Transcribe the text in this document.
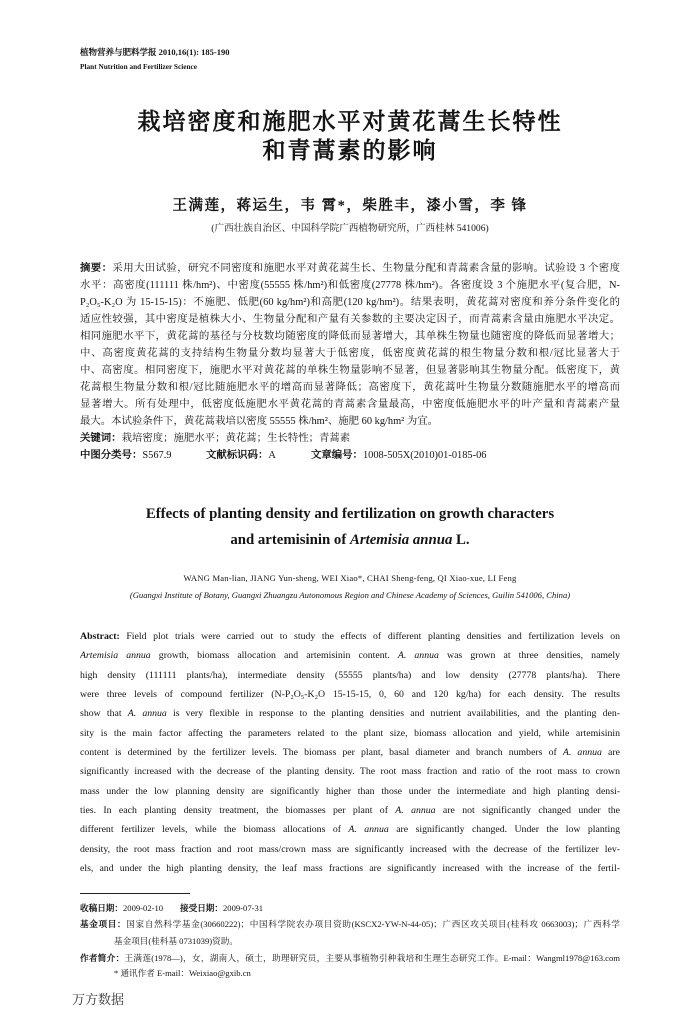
植物营养与肥料学报 2010,16(1): 185-190
Plant Nutrition and Fertilizer Science
栽培密度和施肥水平对黄花蒿生长特性
和青蒿素的影响
王满莲，蒋运生，韦 霄*，柴胜丰，漆小雪，李 锋
(广西壮族自治区、中国科学院广西植物研究所，广西桂林 541006)
摘要：采用大田试验，研究不同密度和施肥水平对黄花蒿生长、生物量分配和青蒿素含量的影响。试验设 3 个密度
水平：高密度(111111 株/hm²)、中密度(55555 株/hm²)和低密度(27778 株/hm²)。各密度设 3 个施肥水平(复合肥，N-
P₂O₅-K₂O 为 15-15-15)：不施肥、低肥(60 kg/hm²)和高肥(120 kg/hm²)。结果表明，黄花蒿对密度和养分条件变化的
适应性较强，其中密度是植株大小、生物量分配和产量有关参数的主要决定因子，而青蒿素含量由施肥水平决定。
相同施肥水平下，黄花蒿的基径与分枝数均随密度的降低而显著增大，其单株生物量也随密度的降低而显著增大；
中、高密度黄花蒿的支持结构生物量分数均显著大于低密度，低密度黄花蒿的根生物量分数和根/冠比显著大于
中、高密度。相同密度下，施肥水平对黄花蒿的单株生物量影响不显著，但显著影响其生物量分配。低密度下，黄
花蒿根生物量分数和根/冠比随施肥水平的增高而显著降低；高密度下，黄花蒿叶生物量分数随施肥水平的增高而
显著增大。所有处理中，低密度低施肥水平黄花蒿的青蒿素含量最高，中密度低施肥水平的叶产量和青蒿素产量
最大。本试验条件下，黄花蒿栽培以密度 55555 株/hm²、施肥 60 kg/hm² 为宜。
关键词：栽培密度；施肥水平；黄花蒿；生长特性；青蒿素
中图分类号：S567.9	文献标识码：A	文章编号：1008-505X(2010)01-0185-06
Effects of planting density and fertilization on growth characters
and artemisinin of Artemisia annua L.
WANG Man-lian, JIANG Yun-sheng, WEI Xiao*, CHAI Sheng-feng, QI Xiao-xue, LI Feng
(Guangxi Institute of Botany, Guangxi Zhuangzu Autonomous Region and Chinese Academy of Sciences, Guilin 541006, China)
Abstract: Field plot trials were carried out to study the effects of different planting densities and fertilization levels on
Artemisia annua growth, biomass allocation and artemisinin content. A. annua was grown at three densities, namely
high density (111111 plants/ha), intermediate density (55555 plants/ha) and low density (27778 plants/ha). There
were three levels of compound fertilizer (N-P₂O₅-K₂O 15-15-15, 0, 60 and 120 kg/ha) for each density. The results
show that A. annua is very flexible in response to the planting densities and nutrient availabilities, and the planting den-
sity is the main factor affecting the parameters related to the plant size, biomass allocation and yield, while artemisinin
content is determined by the fertilizer levels. The biomass per plant, basal diameter and branch numbers of A. annua are
significantly increased with the decrease of the planting density. The root mass fraction and ratio of the root mass to crown
mass under the low planning density are significantly higher than those under the intermediate and high planting densi-
ties. In each planting density treatment, the biomasses per plant of A. annua are not significantly changed under the
different fertilizer levels, while the biomass allocations of A. annua are significantly changed. Under the low planting
density, the root mass fraction and root mass/crown mass are significantly increased with the decrease of the fertilizer lev-
els, and under the high planting density, the leaf mass fractions are significantly increased with the increase of the fertil-
收稿日期：2009-02-10 接受日期：2009-07-31
基金项目：国家自然科学基金(30660222)；中国科学院农办项目资助(KSCX2-YW-N-44-05)；广西区攻关项目(桂科攻 0663003)；广西科学
基金项目(桂科基 0731039)资助。
作者简介：王满莲(1978—)，女，湖南人，硕士，助理研究员，主要从事植物引种栽培和生理生态研究工作。E-mail：Wangml1978@163.com
* 通讯作者 E-mail：Weixiao@gxib.cn
万方数据
